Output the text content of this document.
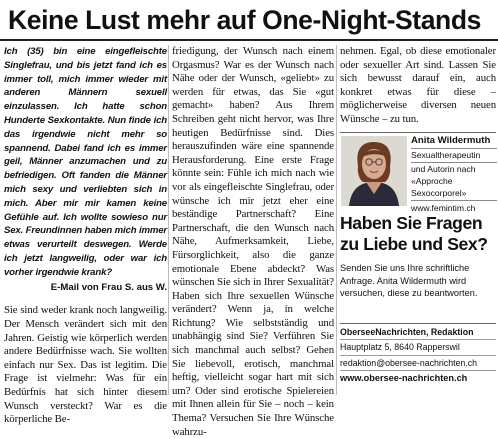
Keine Lust mehr auf One-Night-Stands

Ich (35) bin eine eingefleischte Singlefrau, und bis jetzt fand ich es immer toll, mich immer wieder mit anderen Männern sexuell einzulassen. Ich hatte schon Hunderte Sexkontakte. Nun finde ich das irgendwie nicht mehr so spannend. Dabei fand ich es immer geil, Männer anzumachen und zu befriedigen. Oft fanden die Männer mich sexy und verliebten sich in mich. Aber mir mir kamen keine Gefühle auf. Ich wollte sowieso nur Sex. Freundinnen haben mich immer etwas verurteilt deswegen. Werde ich jetzt langweilig, oder war ich vorher irgendwie krank?

E-Mail von Frau S. aus W.

Sie sind weder krank noch langweilig. Der Mensch verändert sich mit den Jahren. Geistig wie körperlich werden andere Bedürfnisse wach. Sie wollten einfach nur Sex. Das ist legitim. Die Frage ist vielmehr: Was für ein Bedürfnis hat sich hinter diesem Wunsch versteckt? War es die körperliche Be-

friedigung, der Wunsch nach einem Orgasmus? War es der Wunsch nach Nähe oder der Wunsch, «geliebt» zu werden für etwas, das Sie «gut gemacht» haben? Aus Ihrem Schreiben geht nicht hervor, was Ihre heutigen Bedürfnisse sind. Dies herauszufinden wäre eine spannende Herausforderung. Eine erste Frage könnte sein: Fühle ich mich nach wie vor als eingefleischte Singlefrau, oder wünsche ich mir jetzt eher eine beständige Partnerschaft? Eine Partnerschaft, die den Wunsch nach Nähe, Aufmerksamkeit, Liebe, Fürsorglichkeit, also die ganze emotionale Ebene abdeckt? Was wünschen Sie sich in Ihrer Sexualität? Haben sich Ihre sexuellen Wünsche verändert? Wenn ja, in welche Richtung? Wie selbstständig und unabhängig sind Sie? Verführen Sie sich manchmal auch selbst? Gehen Sie liebevoll, erotisch, manchmal heftig, vielleicht sogar hart mit sich um? Oder sind erotische Spielereien mit Ihnen allein für Sie – noch – kein Thema? Versuchen Sie Ihre Wünsche wahrzu-

nehmen. Egal, ob diese emotionaler oder sexueller Art sind. Lassen Sie sich bewusst darauf ein, auch konkret etwas für diese – möglicherweise diversen neuen Wünsche – zu tun.

Anita Wildermuth

Sexualtherapeutin

und Autorin nach «Approche Sexocorporel»

www.femintim.ch

Haben Sie Fragen zu Liebe und Sex?

Senden Sie uns Ihre schriftliche Anfrage. Anita Wildermuth wird versuchen, diese zu beantworten.

OberseeNachrichten, Redaktion

Hauptplatz 5, 8640 Rapperswil

redaktion@obersee-nachrichten.ch

www.obersee-nachrichten.ch
